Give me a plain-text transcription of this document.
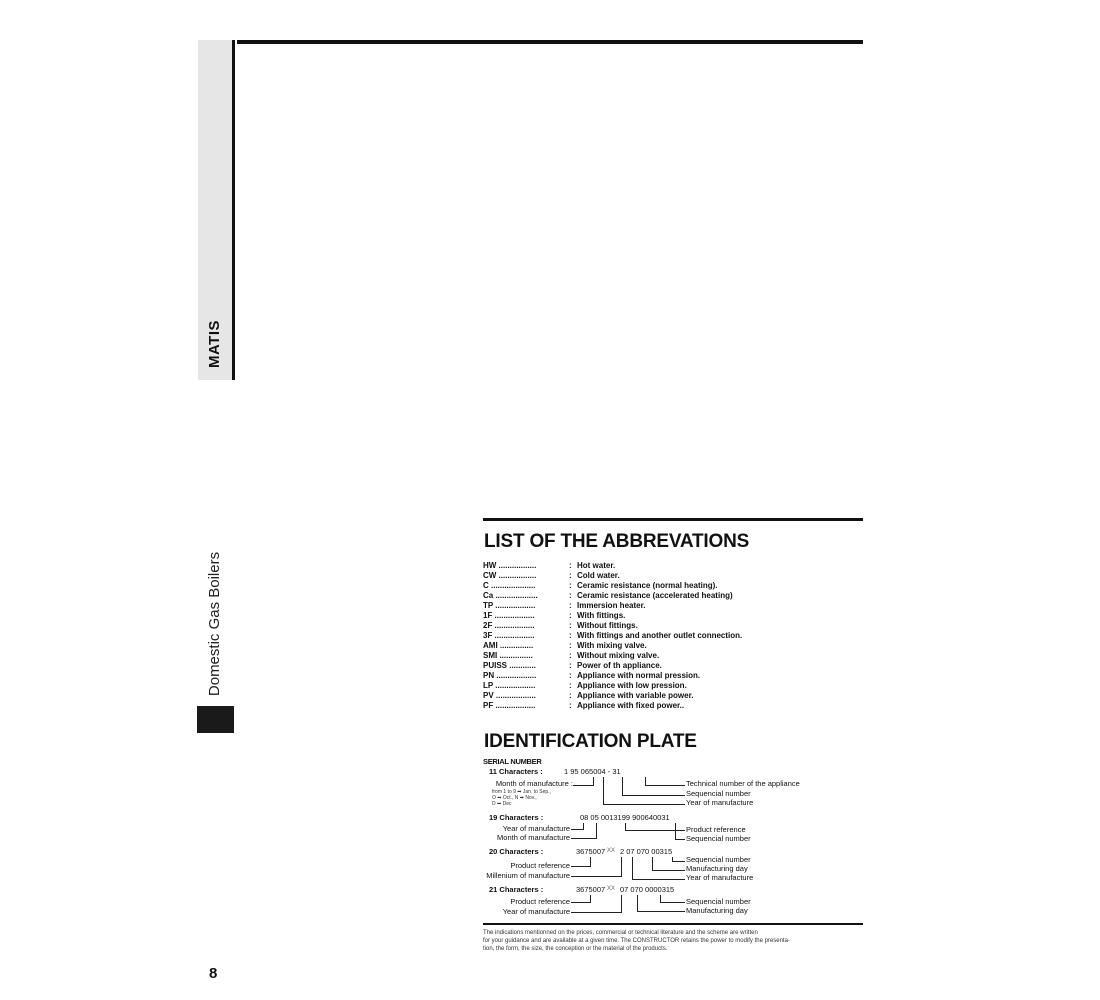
MATIS
Domestic Gas Boilers
8
LIST OF THE ABBREVATIONS
HW .................	: Hot water.
CW .................	: Cold water.
C ....................	: Ceramic resistance (normal heating).
Ca ...................	: Ceramic resistance (accelerated heating)
TP ..................	: Immersion heater.
1F ..................	: With fittings.
2F ..................	: Without fittings.
3F ..................	: With fittings and another outlet connection.
AMI ...............	: With mixing valve.
SMI ...............	: Without mixing valve.
PUISS ............	: Power of th appliance.
PN ..................	: Appliance with normal pression.
LP ..................	: Appliance with low pression.
PV ..................	: Appliance with variable power.
PF ..................	: Appliance with fixed power..
IDENTIFICATION PLATE
SERIAL NUMBER
11 Characters :	1 95 065004 - 31
Month of manufacture :
from 1 to 9 ➡ Jan. to Sep.,
O ➡ Oct., N ➡ Nov.,
D ➡ Dec
Technical number of the appliance
Sequencial number
Year of manufacture
19 Characters :	08 05 0013199 900640031
Year of manufacture
Month of manufacture
Product reference
Sequencial number
20 Characters :	3675007 XX 2 07 070 00315
Product reference
Millenium of manufacture
Sequencial number
Manufacturing day
Year of manufacture
21 Characters :	3675007 XX 07 070 0000315
Product reference
Year of manufacture
Sequencial number
Manufacturing day
The indications mentionned on the prices, commercial or technical literature and the scheme are written
for your guidance and are available at a given time. The CONSTRUCTOR retains the power to modify the presenta-
tion, the form, the size, the conception or the material of the products.
